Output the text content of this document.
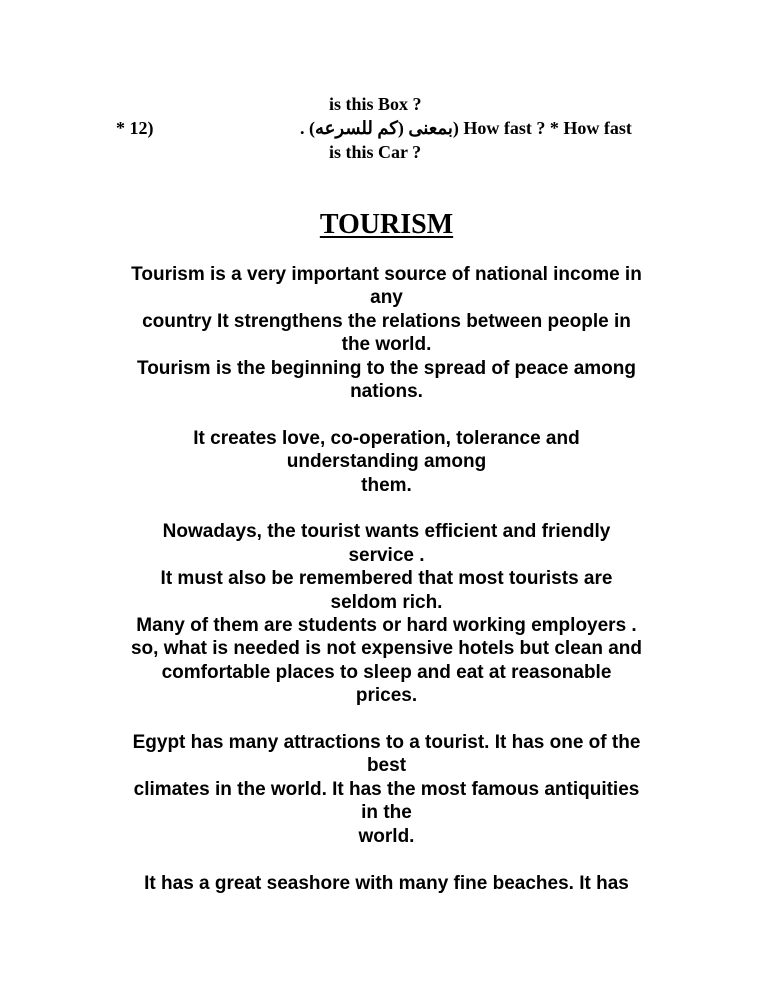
is this Box ?
* 12)	. (بمعنى (كم للسرعه) How fast ? * How fast
is this Car ?
TOURISM
Tourism is a very important source of national income in
any
country It strengthens the relations between people in
the world.
Tourism is the beginning to the spread of peace among
nations.
It creates love, co-operation, tolerance and
understanding among
them.
Nowadays, the tourist wants efficient and friendly
service .
It must also be remembered that most tourists are
seldom rich.
Many of them are students or hard working employers .
so, what is needed is not expensive hotels but clean and
comfortable places to sleep and eat at reasonable
prices.
Egypt has many attractions to a tourist. It has one of the
best
climates in the world. It has the most famous antiquities
in the
world.
It has a great seashore with many fine beaches. It has
